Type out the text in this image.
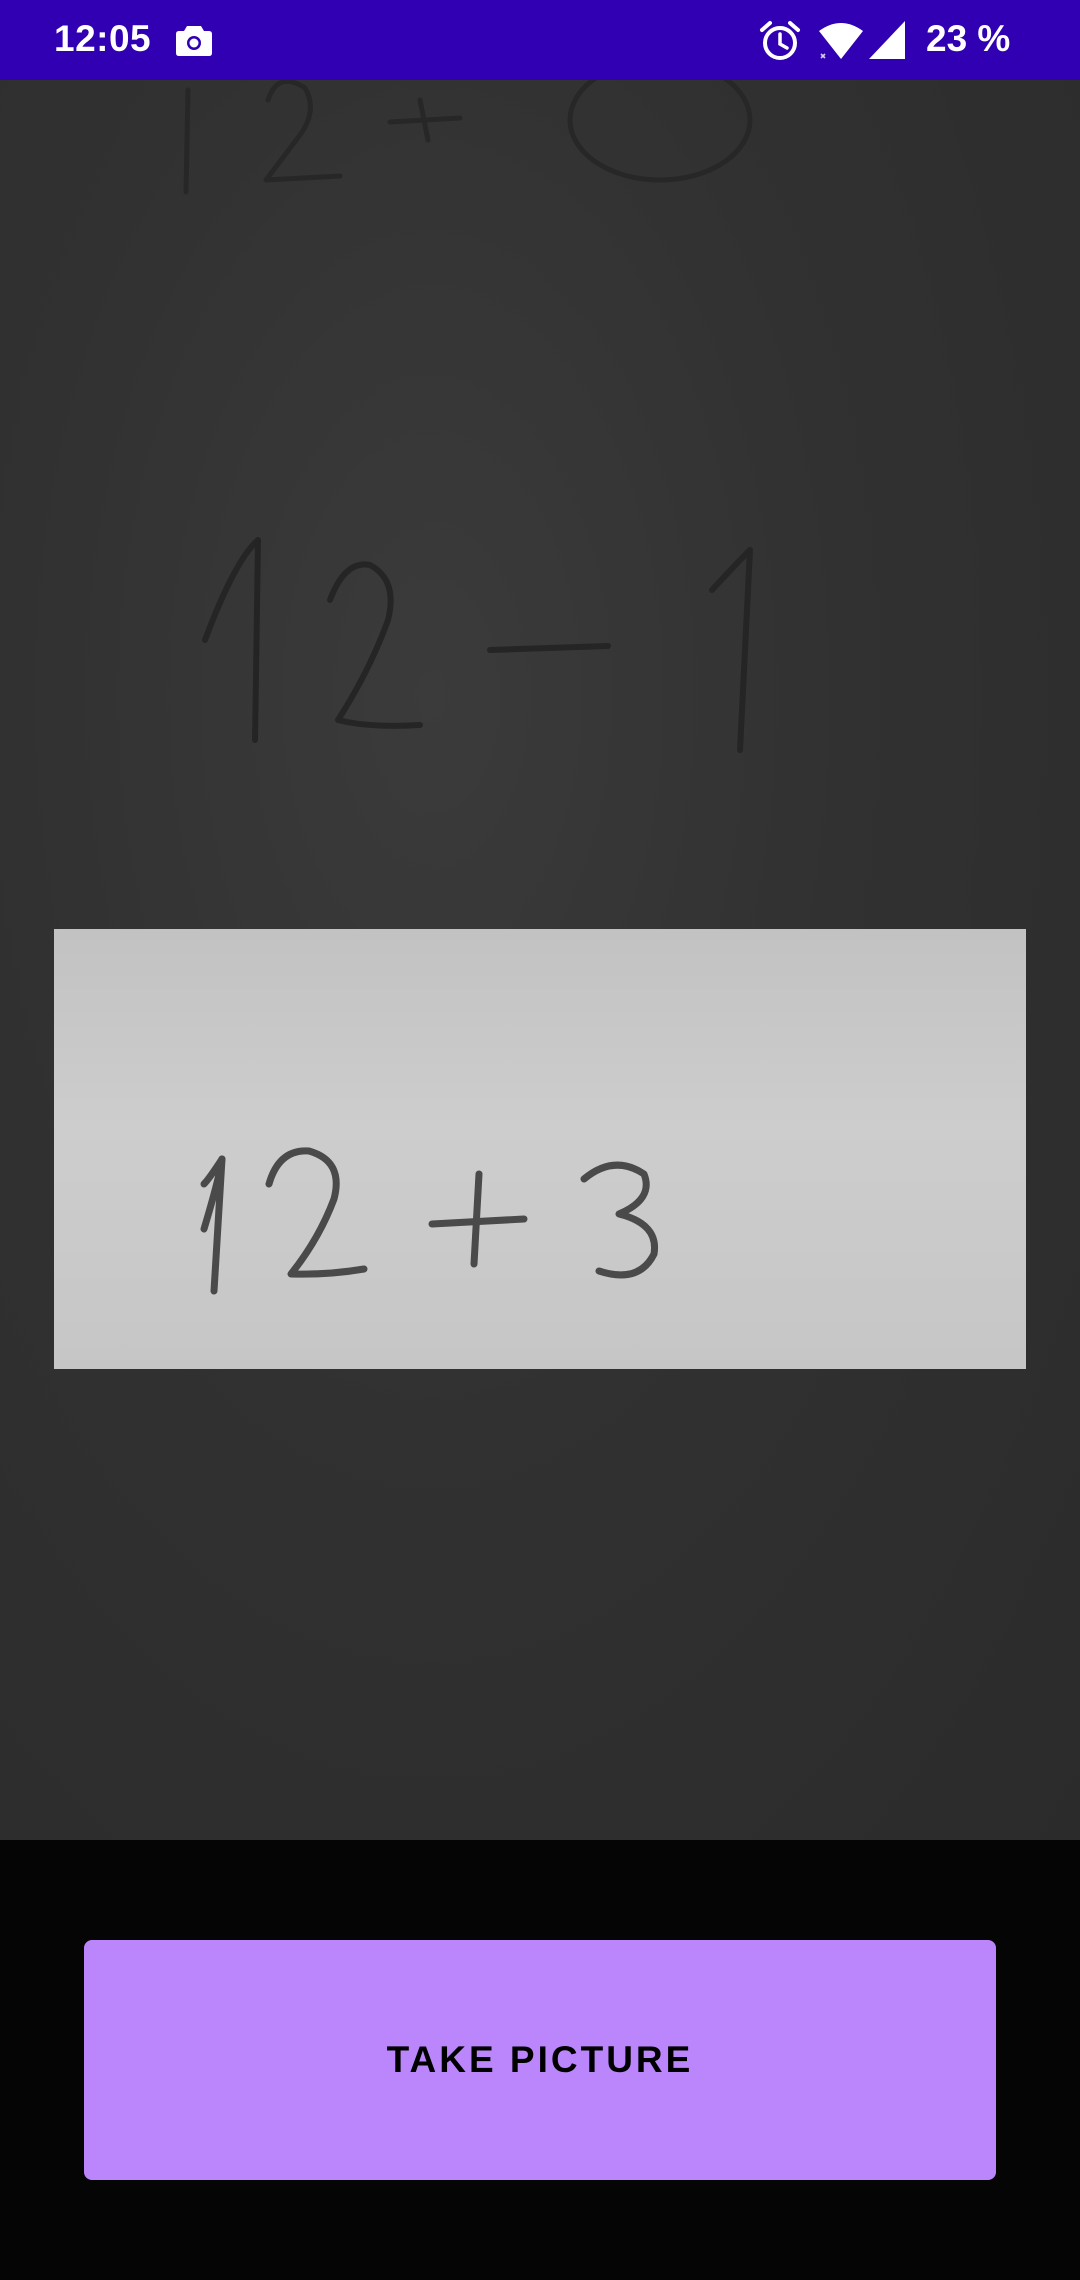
12:05	23 %
TAKE PICTURE
